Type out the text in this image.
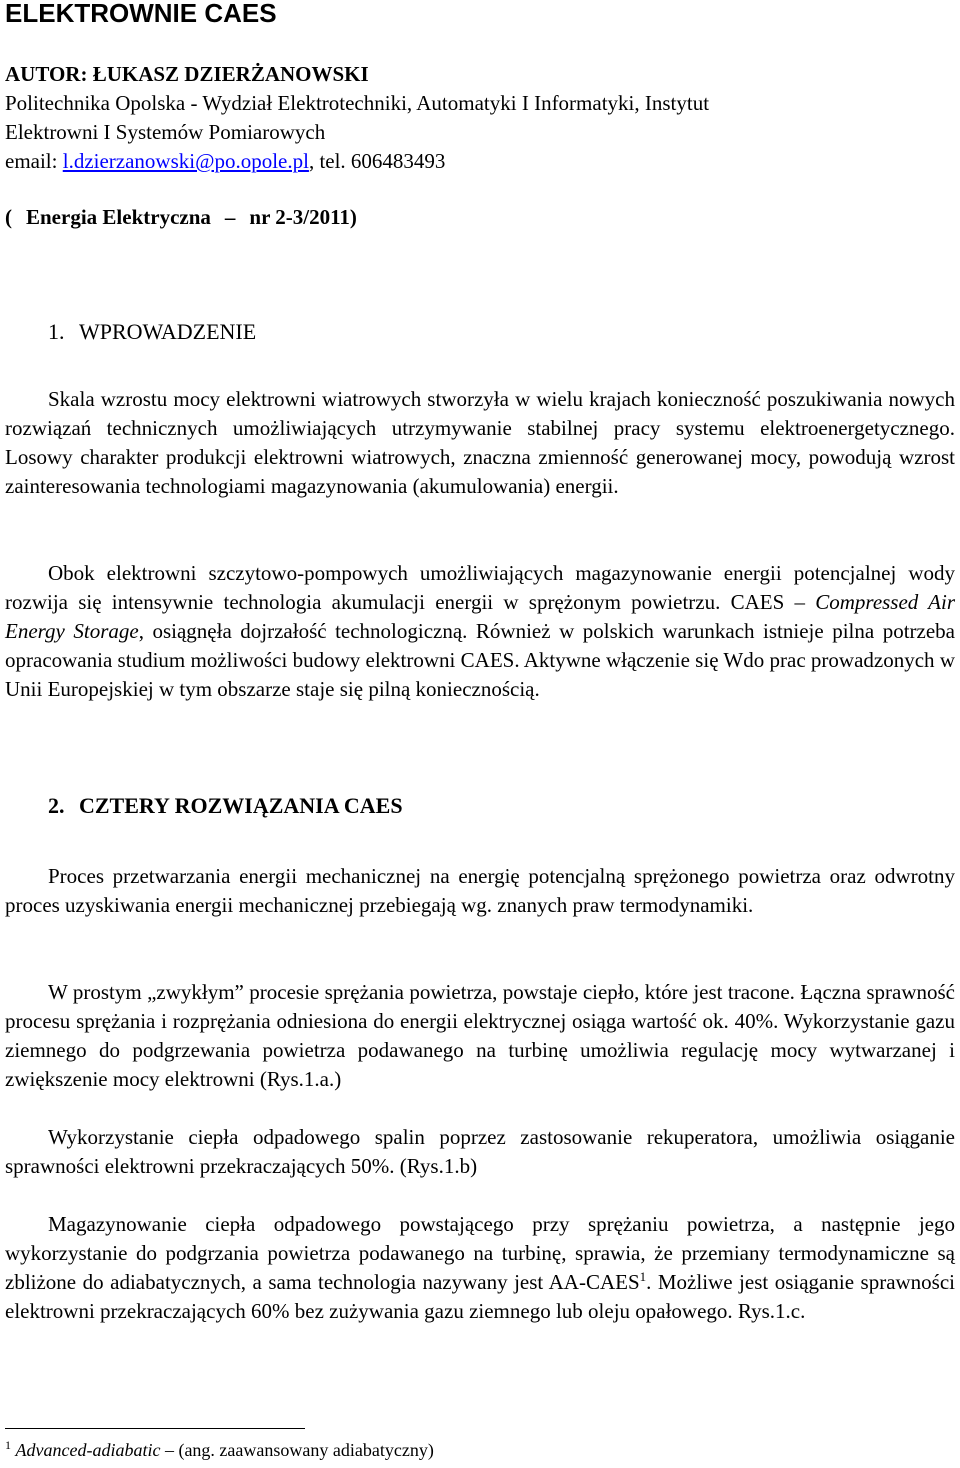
ELEKTROWNIE CAES
AUTOR: ŁUKASZ DZIERŻANOWSKI
Politechnika Opolska - Wydział Elektrotechniki, Automatyki I Informatyki, Instytut
Elektrowni I Systemów Pomiarowych
email: l.dzierzanowski@po.opole.pl, tel. 606483493
( Energia Elektryczna – nr 2-3/2011)
1. WPROWADZENIE

Skala wzrostu mocy elektrowni wiatrowych stworzyła w wielu krajach konieczność poszukiwania nowych rozwiązań technicznych umożliwiających utrzymywanie stabilnej pracy systemu elektroenergetycznego. Losowy charakter produkcji elektrowni wiatrowych, znaczna zmienność generowanej mocy, powodują wzrost zainteresowania technologiami magazynowania (akumulowania) energii.

Obok elektrowni szczytowo-pompowych umożliwiających magazynowanie energii potencjalnej wody rozwija się intensywnie technologia akumulacji energii w sprężonym powietrzu. CAES – Compressed Air Energy Storage, osiągnęła dojrzałość technologiczną. Również w polskich warunkach istnieje pilna potrzeba opracowania studium możliwości budowy elektrowni CAES. Aktywne włączenie się Wdo prac prowadzonych w Unii Europejskiej w tym obszarze staje się pilną koniecznością.

2. CZTERY ROZWIĄZANIA CAES

Proces przetwarzania energii mechanicznej na energię potencjalną sprężonego powietrza oraz odwrotny proces uzyskiwania energii mechanicznej przebiegają wg. znanych praw termodynamiki.

W prostym „zwykłym” procesie sprężania powietrza, powstaje ciepło, które jest tracone. Łączna sprawność procesu sprężania i rozprężania odniesiona do energii elektrycznej osiąga wartość ok. 40%. Wykorzystanie gazu ziemnego do podgrzewania powietrza podawanego na turbinę umożliwia regulację mocy wytwarzanej i zwiększenie mocy elektrowni (Rys.1.a.)

Wykorzystanie ciepła odpadowego spalin poprzez zastosowanie rekuperatora, umożliwia osiąganie sprawności elektrowni przekraczających 50%. (Rys.1.b)

Magazynowanie ciepła odpadowego powstającego przy sprężaniu powietrza, a następnie jego wykorzystanie do podgrzania powietrza podawanego na turbinę, sprawia, że przemiany termodynamiczne są zbliżone do adiabatycznych, a sama technologia nazywany jest AA-CAES$^1$. Możliwe jest osiąganie sprawności elektrowni przekraczających 60% bez zużywania gazu ziemnego lub oleju opałowego. Rys.1.c.

$^1$ Advanced-adiabatic – (ang. zaawansowany adiabatyczny)
